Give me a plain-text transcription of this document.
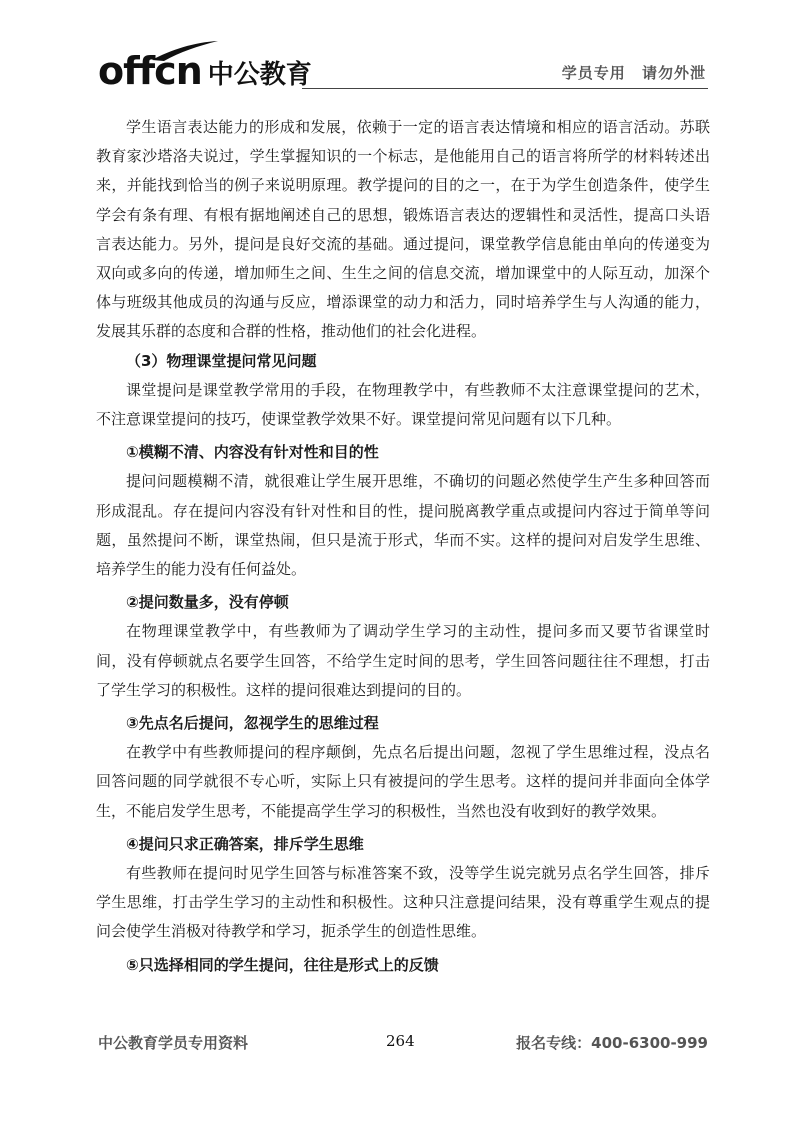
offcn 中公教育	学员专用 请勿外泄

学生语言表达能力的形成和发展，依赖于一定的语言表达情境和相应的语言活动。苏联教育家沙塔洛夫说过，学生掌握知识的一个标志，是他能用自己的语言将所学的材料转述出来，并能找到恰当的例子来说明原理。教学提问的目的之一，在于为学生创造条件，使学生学会有条有理、有根有据地阐述自己的思想，锻炼语言表达的逻辑性和灵活性，提高口头语言表达能力。另外，提问是良好交流的基础。通过提问，课堂教学信息能由单向的传递变为双向或多向的传递，增加师生之间、生生之间的信息交流，增加课堂中的人际互动，加深个体与班级其他成员的沟通与反应，增添课堂的动力和活力，同时培养学生与人沟通的能力，发展其乐群的态度和合群的性格，推动他们的社会化进程。

（3）物理课堂提问常见问题

课堂提问是课堂教学常用的手段，在物理教学中，有些教师不太注意课堂提问的艺术，不注意课堂提问的技巧，使课堂教学效果不好。课堂提问常见问题有以下几种。

①模糊不清、内容没有针对性和目的性

提问问题模糊不清，就很难让学生展开思维，不确切的问题必然使学生产生多种回答而形成混乱。存在提问内容没有针对性和目的性，提问脱离教学重点或提问内容过于简单等问题，虽然提问不断，课堂热闹，但只是流于形式，华而不实。这样的提问对启发学生思维、培养学生的能力没有任何益处。

②提问数量多，没有停顿

在物理课堂教学中，有些教师为了调动学生学习的主动性，提问多而又要节省课堂时间，没有停顿就点名要学生回答，不给学生定时间的思考，学生回答问题往往不理想，打击了学生学习的积极性。这样的提问很难达到提问的目的。

③先点名后提问，忽视学生的思维过程

在教学中有些教师提问的程序颠倒，先点名后提出问题，忽视了学生思维过程，没点名回答问题的同学就很不专心听，实际上只有被提问的学生思考。这样的提问并非面向全体学生，不能启发学生思考，不能提高学生学习的积极性，当然也没有收到好的教学效果。

④提问只求正确答案，排斥学生思维

有些教师在提问时见学生回答与标准答案不致，没等学生说完就另点名学生回答，排斥学生思维，打击学生学习的主动性和积极性。这种只注意提问结果，没有尊重学生观点的提问会使学生消极对待教学和学习，扼杀学生的创造性思维。

⑤只选择相同的学生提问，往往是形式上的反馈
中公教育学员专用资料	264	报名专线：400-6300-999
